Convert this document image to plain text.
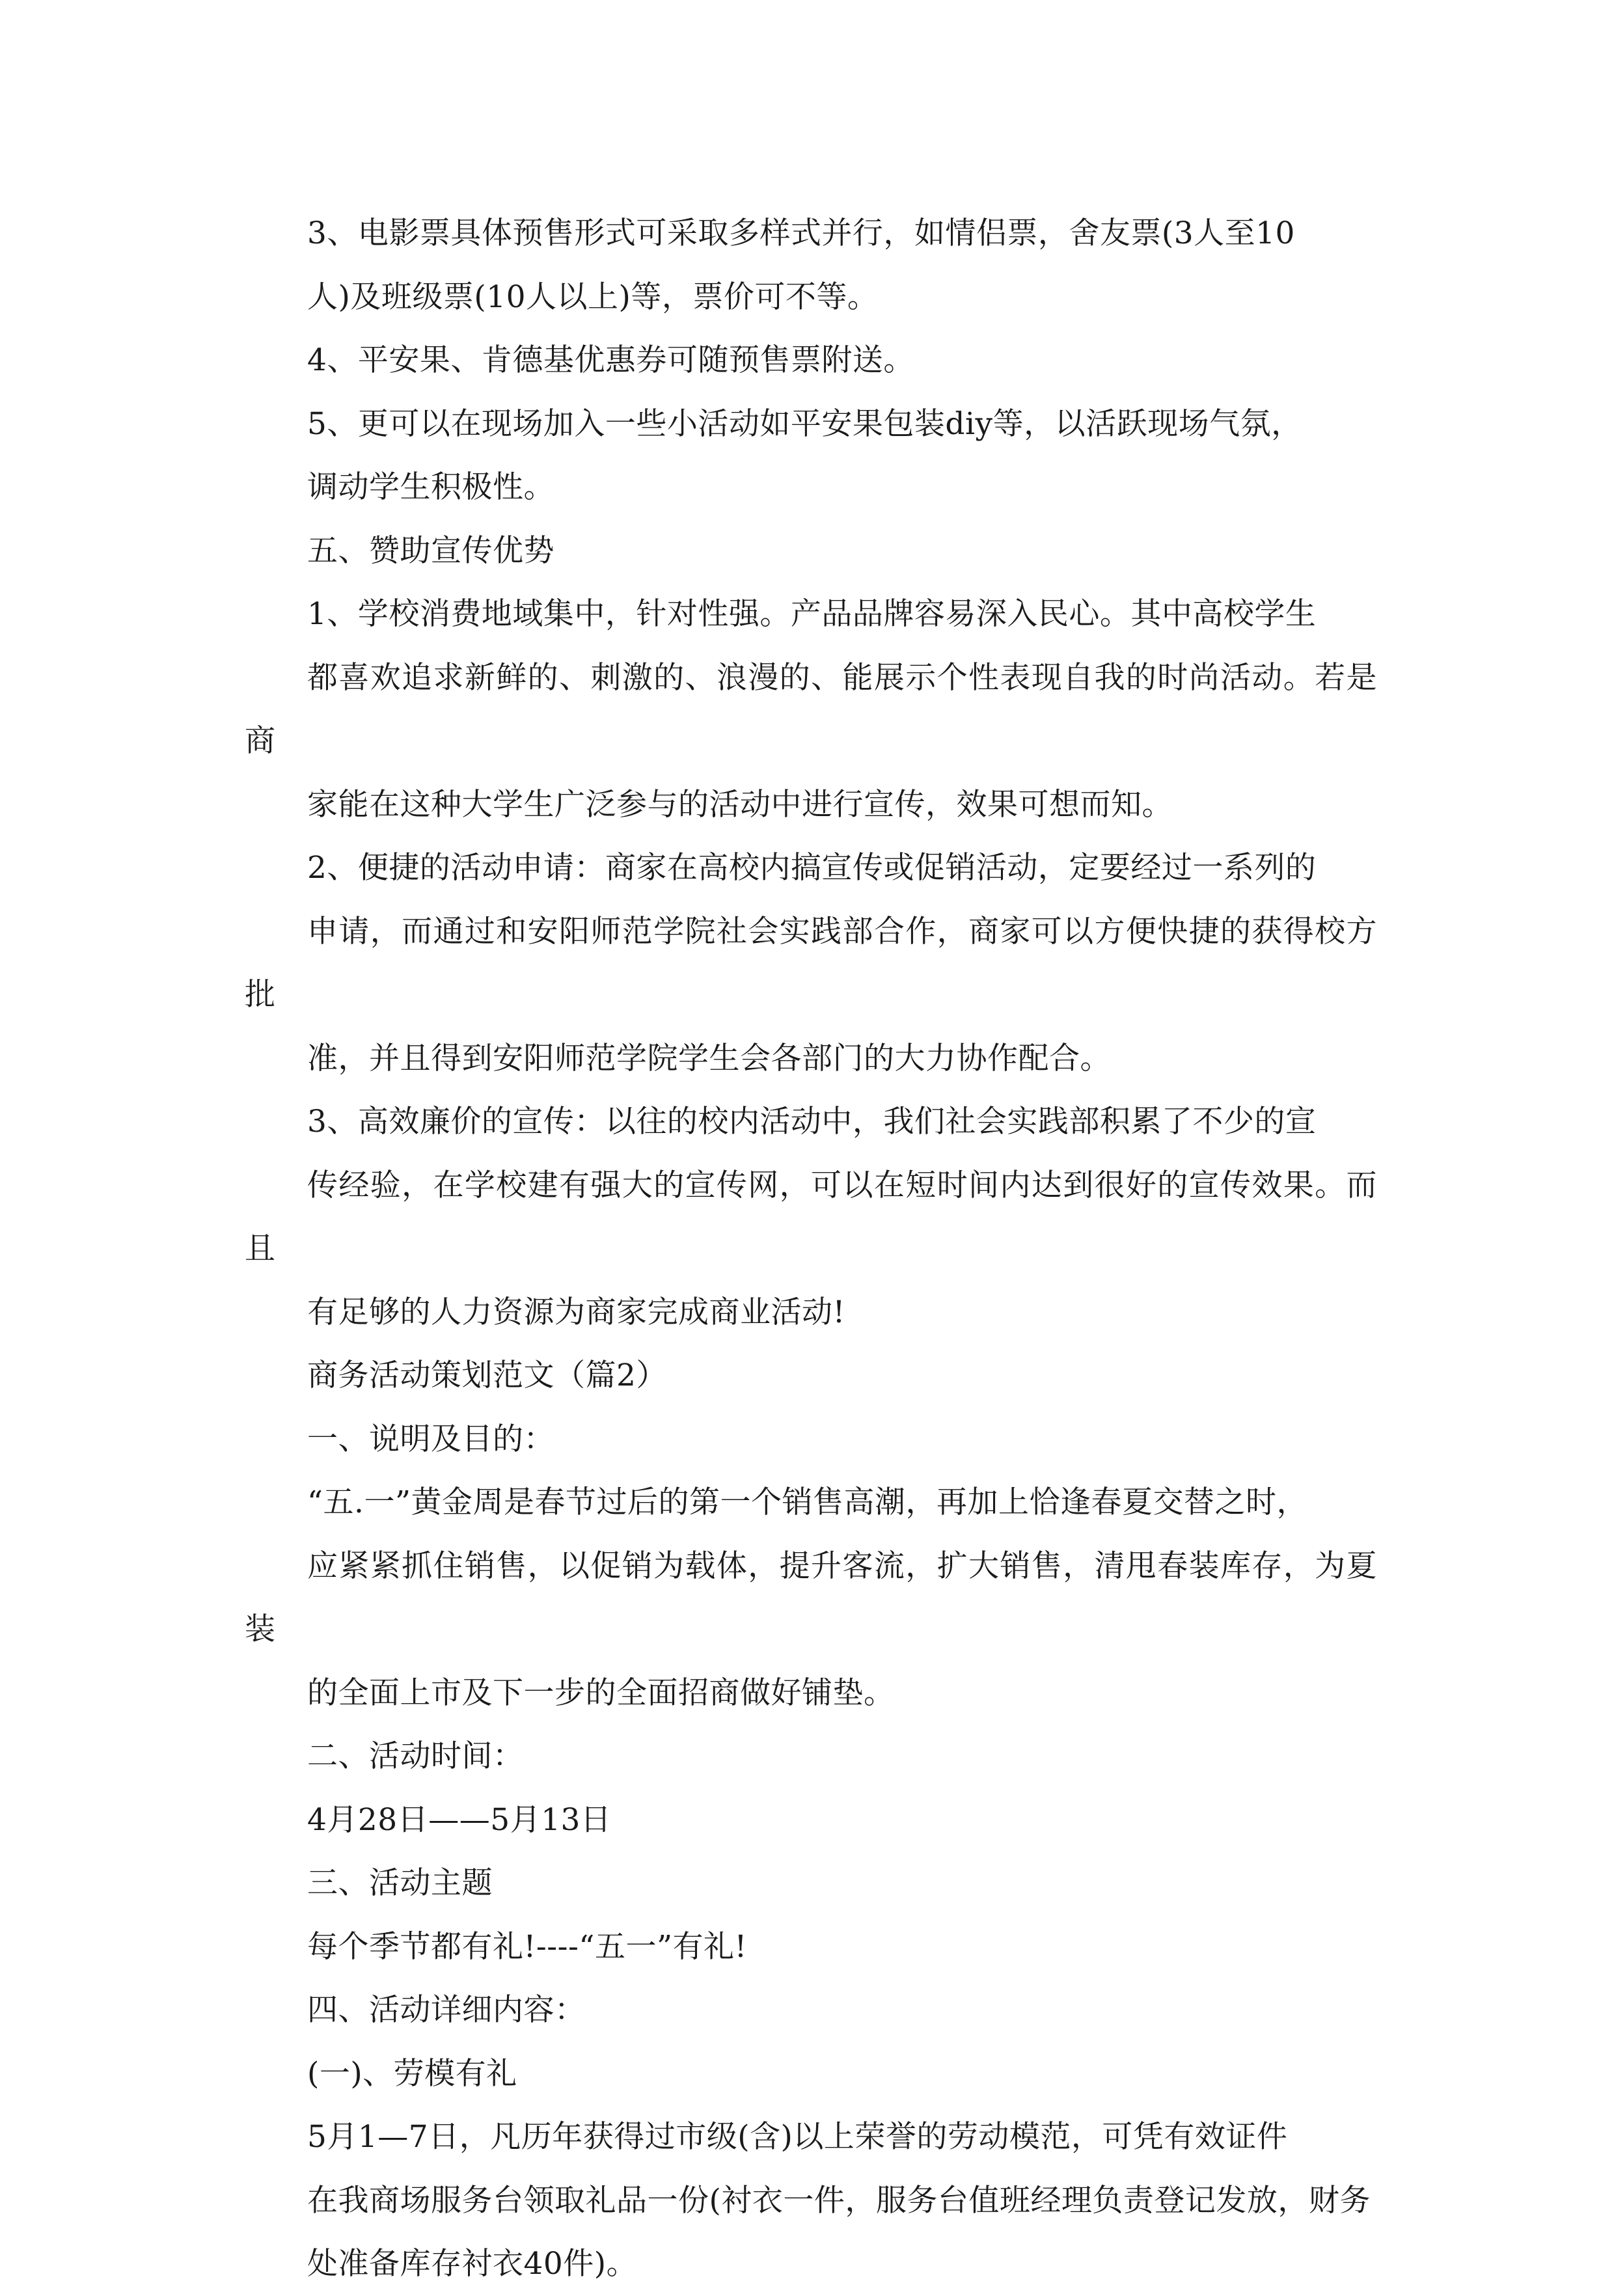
3、电影票具体预售形式可采取多样式并行，如情侣票，舍友票(3人至10
人)及班级票(10人以上)等，票价可不等。

4、平安果、肯德基优惠券可随预售票附送。

5、更可以在现场加入一些小活动如平安果包装diy等，以活跃现场气氛，
调动学生积极性。

五、赞助宣传优势

1、学校消费地域集中，针对性强。产品品牌容易深入民心。其中高校学生
都喜欢追求新鲜的、刺激的、浪漫的、能展示个性表现自我的时尚活动。若是商
家能在这种大学生广泛参与的活动中进行宣传，效果可想而知。

2、便捷的活动申请：商家在高校内搞宣传或促销活动，定要经过一系列的
申请，而通过和安阳师范学院社会实践部合作，商家可以方便快捷的获得校方批
准，并且得到安阳师范学院学生会各部门的大力协作配合。

3、高效廉价的宣传：以往的校内活动中，我们社会实践部积累了不少的宣
传经验，在学校建有强大的宣传网，可以在短时间内达到很好的宣传效果。而且
有足够的人力资源为商家完成商业活动!

商务活动策划范文（篇2）

一、说明及目的：

“五.一”黄金周是春节过后的第一个销售高潮，再加上恰逢春夏交替之时，
应紧紧抓住销售，以促销为载体，提升客流，扩大销售，清甩春装库存，为夏装
的全面上市及下一步的全面招商做好铺垫。

二、活动时间：

4月28日——5月13日

三、活动主题

每个季节都有礼!----“五一”有礼!

四、活动详细内容：

(一)、劳模有礼

5月1—7日，凡历年获得过市级(含)以上荣誉的劳动模范，可凭有效证件
在我商场服务台领取礼品一份(衬衣一件，服务台值班经理负责登记发放，财务
处准备库存衬衣40件)。
